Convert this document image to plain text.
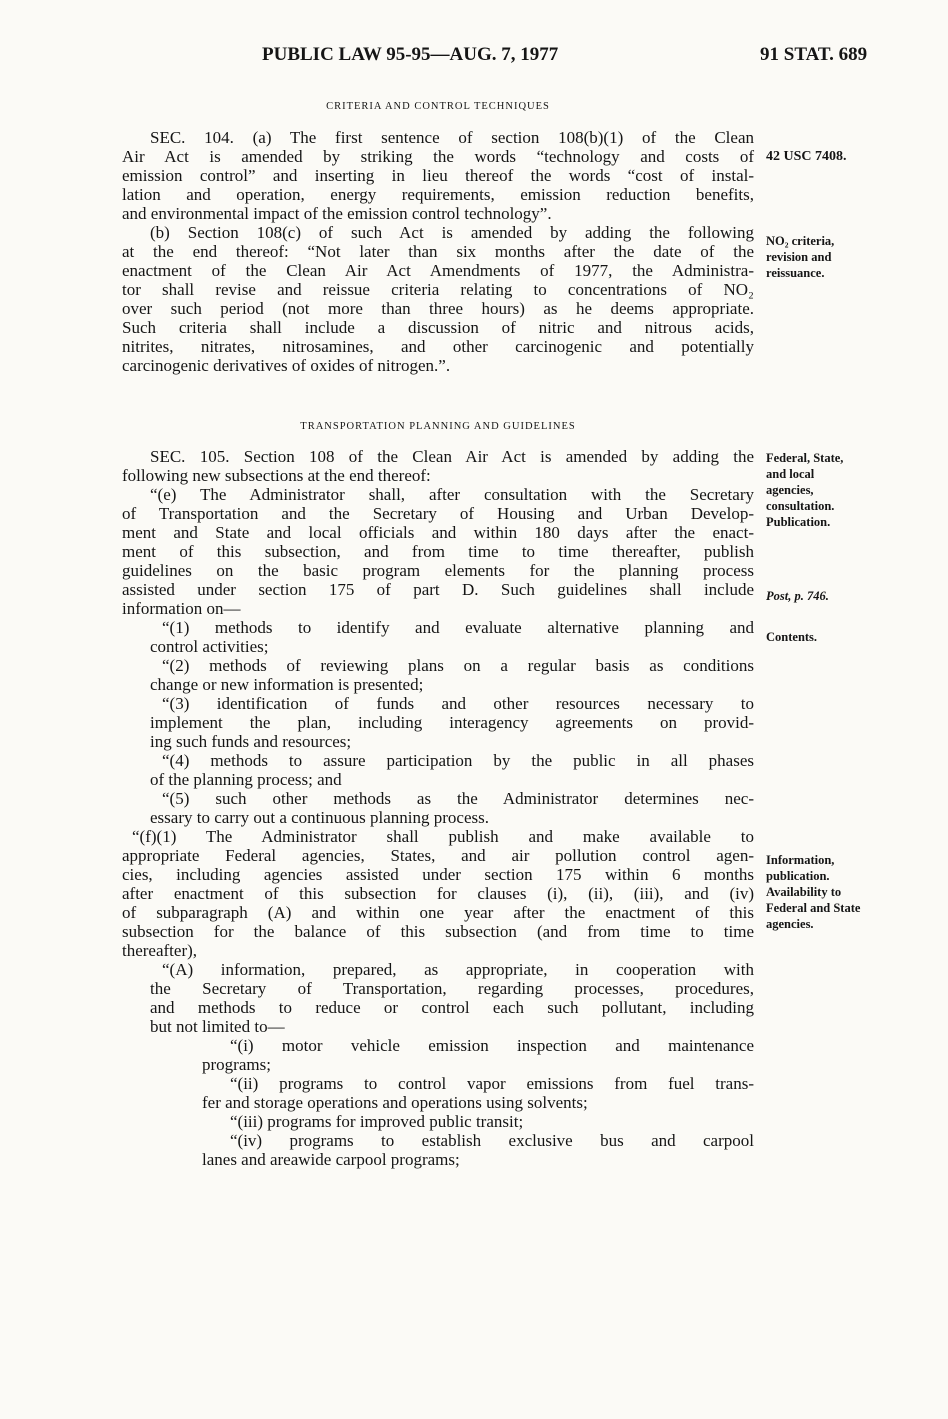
PUBLIC LAW 95-95—AUG. 7, 1977	91 STAT. 689
CRITERIA AND CONTROL TECHNIQUES
SEC. 104. (a) The first sentence of section 108(b)(1) of the Clean
Air Act is amended by striking the words “technology and costs of
emission control” and inserting in lieu thereof the words “cost of instal-
lation and operation, energy requirements, emission reduction benefits,
and environmental impact of the emission control technology”.
(b) Section 108(c) of such Act is amended by adding the following
at the end thereof: “Not later than six months after the date of the
enactment of the Clean Air Act Amendments of 1977, the Administra-
tor shall revise and reissue criteria relating to concentrations of NO₂
over such period (not more than three hours) as he deems appropriate.
Such criteria shall include a discussion of nitric and nitrous acids,
nitrites, nitrates, nitrosamines, and other carcinogenic and potentially
carcinogenic derivatives of oxides of nitrogen.”.
TRANSPORTATION PLANNING AND GUIDELINES
SEC. 105. Section 108 of the Clean Air Act is amended by adding the
following new subsections at the end thereof:
“(e) The Administrator shall, after consultation with the Secretary
of Transportation and the Secretary of Housing and Urban Develop-
ment and State and local officials and within 180 days after the enact-
ment of this subsection, and from time to time thereafter, publish
guidelines on the basic program elements for the planning process
assisted under section 175 of part D. Such guidelines shall include
information on—
“(1) methods to identify and evaluate alternative planning and
control activities;
“(2) methods of reviewing plans on a regular basis as conditions
change or new information is presented;
“(3) identification of funds and other resources necessary to
implement the plan, including interagency agreements on provid-
ing such funds and resources;
“(4) methods to assure participation by the public in all phases
of the planning process; and
“(5) such other methods as the Administrator determines nec-
essary to carry out a continuous planning process.
“(f)(1) The Administrator shall publish and make available to
appropriate Federal agencies, States, and air pollution control agen-
cies, including agencies assisted under section 175 within 6 months
after enactment of this subsection for clauses (i), (ii), (iii), and (iv)
of subparagraph (A) and within one year after the enactment of this
subsection for the balance of this subsection (and from time to time
thereafter),
“(A) information, prepared, as appropriate, in cooperation with
the Secretary of Transportation, regarding processes, procedures,
and methods to reduce or control each such pollutant, including
but not limited to—
“(i) motor vehicle emission inspection and maintenance
programs;
“(ii) programs to control vapor emissions from fuel trans-
fer and storage operations and operations using solvents;
“(iii) programs for improved public transit;
“(iv) programs to establish exclusive bus and carpool
lanes and areawide carpool programs;
42 USC 7408.
NO₂ criteria,
revision and
reissuance.
Federal, State,
and local
agencies,
consultation.
Publication.
Post, p. 746.
Contents.
Information,
publication.
Availability to
Federal and State
agencies.
